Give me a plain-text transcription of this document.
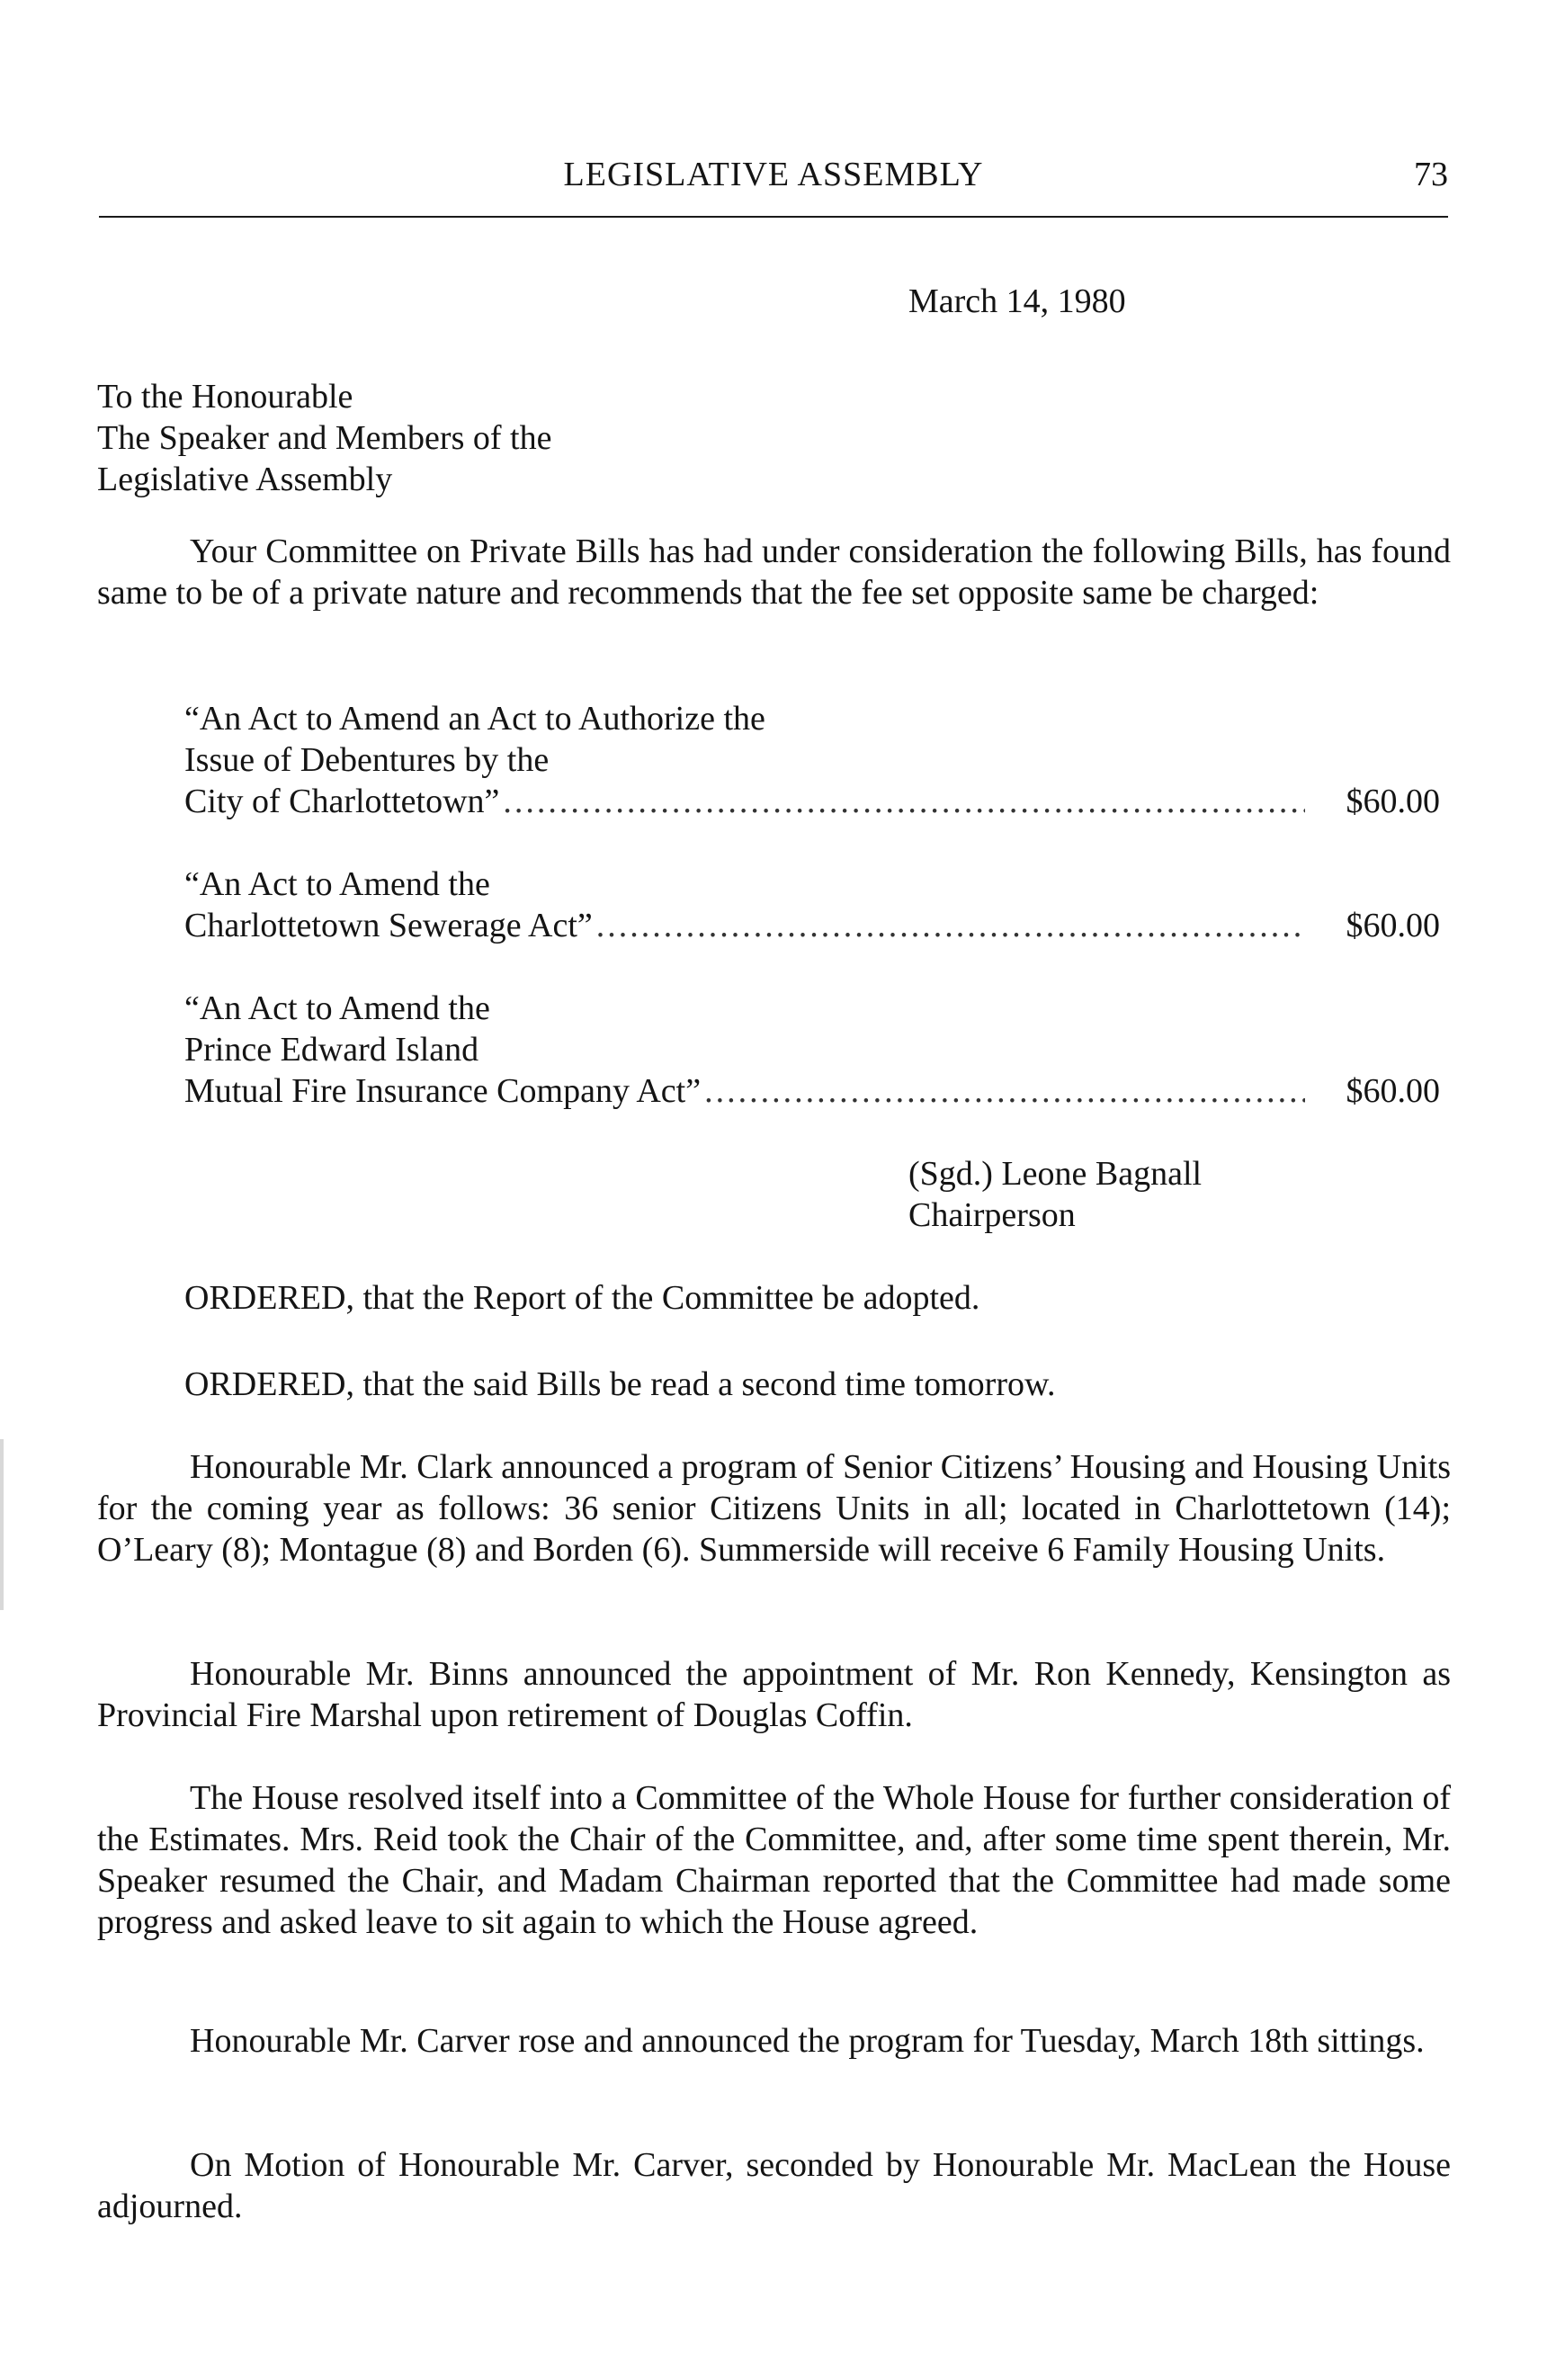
LEGISLATIVE ASSEMBLY	73
March 14, 1980
To the Honourable
The Speaker and Members of the
Legislative Assembly
Your Committee on Private Bills has had under consideration the following Bills, has found same to be of a private nature and recommends that the fee set opposite same be charged:
“An Act to Amend an Act to Authorize the
Issue of Debentures by the
City of Charlottetown” .....	$60.00
“An Act to Amend the
Charlottetown Sewerage Act” .....	$60.00
“An Act to Amend the
Prince Edward Island
Mutual Fire Insurance Company Act” .....	$60.00
(Sgd.) Leone Bagnall
Chairperson
ORDERED, that the Report of the Committee be adopted.
ORDERED, that the said Bills be read a second time tomorrow.
Honourable Mr. Clark announced a program of Senior Citizens’ Housing and Housing Units for the coming year as follows: 36 senior Citizens Units in all; located in Charlottetown (14); O’Leary (8); Montague (8) and Borden (6). Summerside will receive 6 Family Housing Units.
Honourable Mr. Binns announced the appointment of Mr. Ron Kennedy, Kensington as Provincial Fire Marshal upon retirement of Douglas Coffin.
The House resolved itself into a Committee of the Whole House for further consideration of the Estimates. Mrs. Reid took the Chair of the Committee, and, after some time spent therein, Mr. Speaker resumed the Chair, and Madam Chairman reported that the Committee had made some progress and asked leave to sit again to which the House agreed.
Honourable Mr. Carver rose and announced the program for Tuesday, March 18th sittings.
On Motion of Honourable Mr. Carver, seconded by Honourable Mr. MacLean the House adjourned.
